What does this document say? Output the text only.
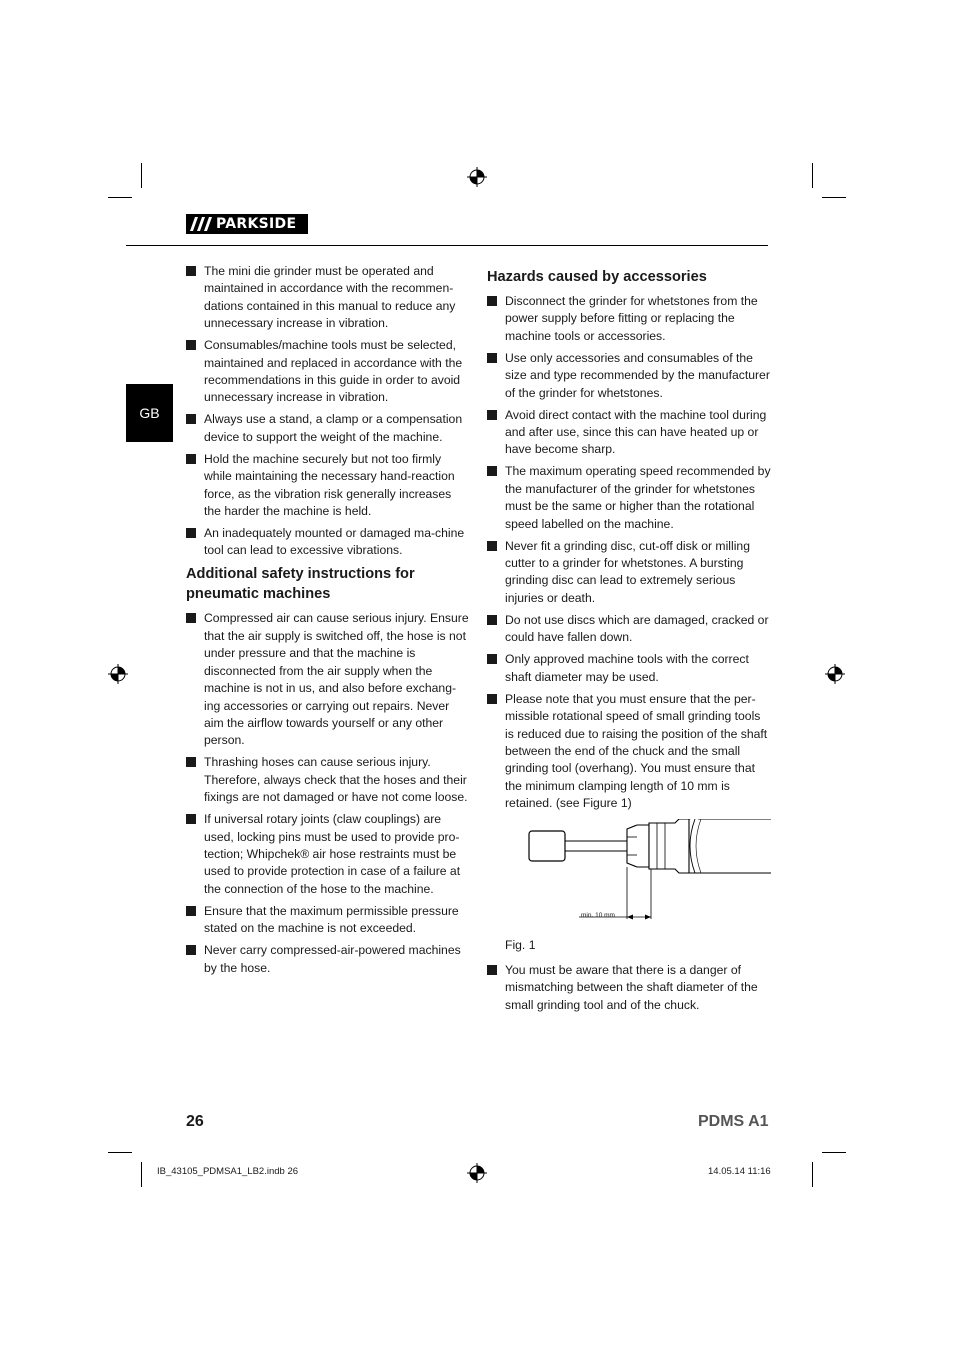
PARKSIDE
GB
The mini die grinder must be operated and maintained in accordance with the recommen-dations contained in this manual to reduce any unnecessary increase in vibration.
Consumables/machine tools must be selected, maintained and replaced in accordance with the recommendations in this guide in order to avoid unnecessary increase in vibration.
Always use a stand, a clamp or a compensation device to support the weight of the machine.
Hold the machine securely but not too firmly while maintaining the necessary hand-reaction force, as the vibration risk generally increases the harder the machine is held.
An inadequately mounted or damaged ma-chine tool can lead to excessive vibrations.
Additional safety instructions for pneumatic machines
Compressed air can cause serious injury. Ensure that the air supply is switched off, the hose is not under pressure and that the machine is disconnected from the air supply when the machine is not in us, and also before exchang-ing accessories or carrying out repairs. Never aim the airflow towards yourself or any other person.
Thrashing hoses can cause serious injury. Therefore, always check that the hoses and their fixings are not damaged or have not come loose.
If universal rotary joints (claw couplings) are used, locking pins must be used to provide pro-tection; Whipchek® air hose restraints must be used to provide protection in case of a failure at the connection of the hose to the machine.
Ensure that the maximum permissible pressure stated on the machine is not exceeded.
Never carry compressed-air-powered machines by the hose.
Hazards caused by accessories
Disconnect the grinder for whetstones from the power supply before fitting or replacing the machine tools or accessories.
Use only accessories and consumables of the size and type recommended by the manufacturer of the grinder for whetstones.
Avoid direct contact with the machine tool during and after use, since this can have heated up or have become sharp.
The maximum operating speed recommended by the manufacturer of the grinder for whetstones must be the same or higher than the rotational speed labelled on the machine.
Never fit a grinding disc, cut-off disk or milling cutter to a grinder for whetstones. A bursting grinding disc can lead to extremely serious injuries or death.
Do not use discs which are damaged, cracked or could have fallen down.
Only approved machine tools with the correct shaft diameter may be used.
Please note that you must ensure that the per-missible rotational speed of small grinding tools is reduced due to raising the position of the shaft between the end of the chuck and the small grinding tool (overhang). You must ensure that the minimum clamping length of 10 mm is retained. (see Figure 1)
min. 10 mm
Fig. 1
You must be aware that there is a danger of mismatching between the shaft diameter of the small grinding tool and of the chuck.
26	PDMS A1
IB_43105_PDMSA1_LB2.indb 26	14.05.14 11:16
